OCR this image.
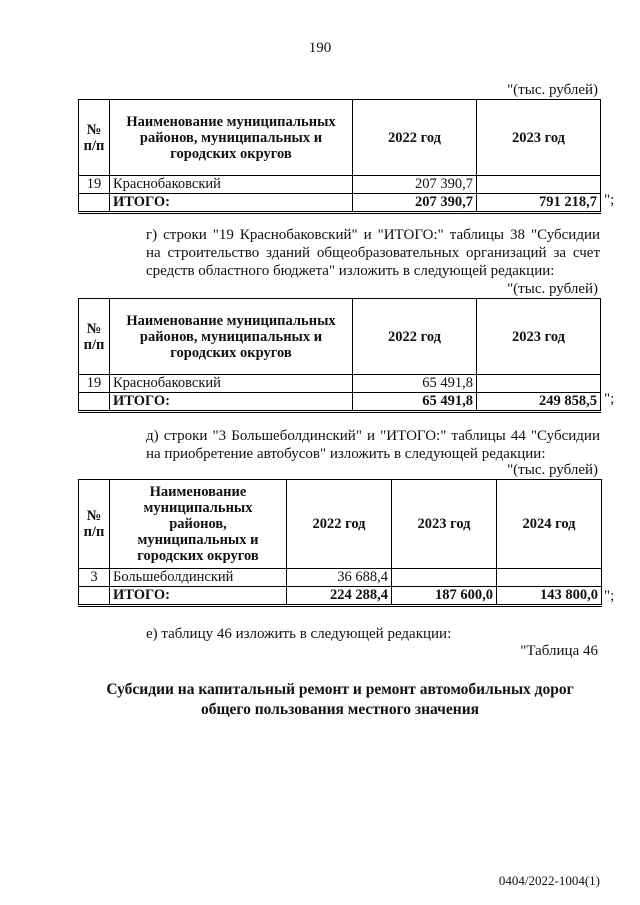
190
"(тыс. рублей)
№ п/п	Наименование муниципальных районов, муниципальных и городских округов	2022 год	2023 год
19	Краснобаковский	207 390,7	
	ИТОГО:	207 390,7	791 218,7 ";
г) строки "19 Краснобаковский" и "ИТОГО:" таблицы 38 "Субсидии на строительство зданий общеобразовательных организаций за счет средств областного бюджета" изложить в следующей редакции:
"(тыс. рублей)
№ п/п	Наименование муниципальных районов, муниципальных и городских округов	2022 год	2023 год
19	Краснобаковский	65 491,8	
	ИТОГО:	65 491,8	249 858,5 ";
д) строки "3 Большеболдинский" и "ИТОГО:" таблицы 44 "Субсидии на приобретение автобусов" изложить в следующей редакции:
"(тыс. рублей)
№ п/п	Наименование муниципальных районов, муниципальных и городских округов	2022 год	2023 год	2024 год
3	Большеболдинский	36 688,4		
	ИТОГО:	224 288,4	187 600,0	143 800,0 ";
е) таблицу 46 изложить в следующей редакции:
"Таблица 46
Субсидии на капитальный ремонт и ремонт автомобильных дорог общего пользования местного значения
0404/2022-1004(1)
